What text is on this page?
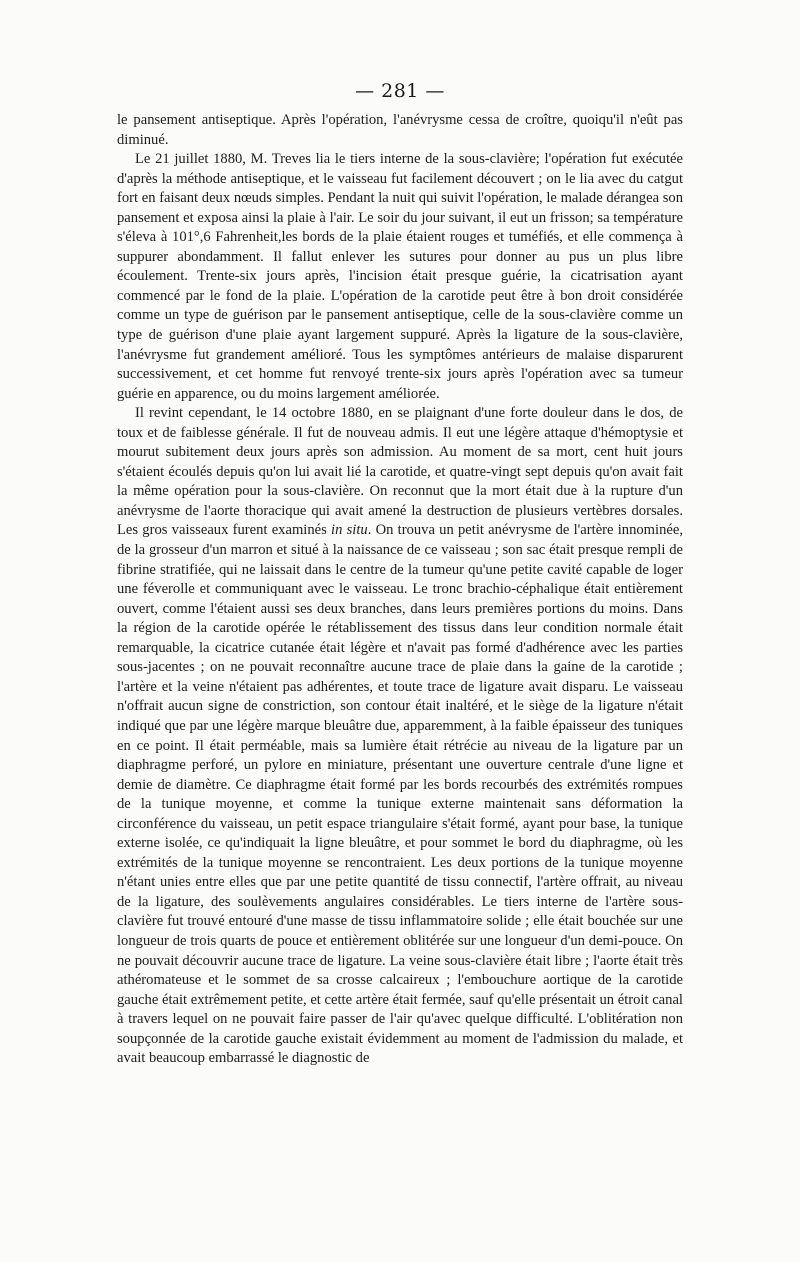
— 281 —

le pansement antiseptique. Après l'opération, l'anévrysme cessa de croître, quoiqu'il n'eût pas diminué.

Le 21 juillet 1880, M. Treves lia le tiers interne de la sous-clavière; l'opération fut exécutée d'après la méthode antiseptique, et le vaisseau fut facilement découvert ; on le lia avec du catgut fort en faisant deux nœuds simples. Pendant la nuit qui suivit l'opération, le malade dérangea son pansement et exposa ainsi la plaie à l'air. Le soir du jour suivant, il eut un frisson; sa température s'éleva à 101°,6 Fahrenheit,les bords de la plaie étaient rouges et tuméfiés, et elle commença à suppurer abondamment. Il fallut enlever les sutures pour donner au pus un plus libre écoulement. Trente-six jours après, l'incision était presque guérie, la cicatrisation ayant commencé par le fond de la plaie. L'opération de la carotide peut être à bon droit considérée comme un type de guérison par le pansement antiseptique, celle de la sous-clavière comme un type de guérison d'une plaie ayant largement suppuré. Après la ligature de la sous-clavière, l'anévrysme fut grandement amélioré. Tous les symptômes antérieurs de malaise disparurent successivement, et cet homme fut renvoyé trente-six jours après l'opération avec sa tumeur guérie en apparence, ou du moins largement améliorée.

Il revint cependant, le 14 octobre 1880, en se plaignant d'une forte douleur dans le dos, de toux et de faiblesse générale. Il fut de nouveau admis. Il eut une légère attaque d'hémoptysie et mourut subitement deux jours après son admission. Au moment de sa mort, cent huit jours s'étaient écoulés depuis qu'on lui avait lié la carotide, et quatre-vingt sept depuis qu'on avait fait la même opération pour la sous-clavière. On reconnut que la mort était due à la rupture d'un anévrysme de l'aorte thoracique qui avait amené la destruction de plusieurs vertèbres dorsales. Les gros vaisseaux furent examinés in situ. On trouva un petit anévrysme de l'artère innominée, de la grosseur d'un marron et situé à la naissance de ce vaisseau ; son sac était presque rempli de fibrine stratifiée, qui ne laissait dans le centre de la tumeur qu'une petite cavité capable de loger une féverolle et communiquant avec le vaisseau. Le tronc brachio-céphalique était entièrement ouvert, comme l'étaient aussi ses deux branches, dans leurs premières portions du moins. Dans la région de la carotide opérée le rétablissement des tissus dans leur condition normale était remarquable, la cicatrice cutanée était légère et n'avait pas formé d'adhérence avec les parties sous-jacentes ; on ne pouvait reconnaître aucune trace de plaie dans la gaine de la carotide ; l'artère et la veine n'étaient pas adhérentes, et toute trace de ligature avait disparu. Le vaisseau n'offrait aucun signe de constriction, son contour était inaltéré, et le siège de la ligature n'était indiqué que par une légère marque bleuâtre due, apparemment, à la faible épaisseur des tuniques en ce point. Il était perméable, mais sa lumière était rétrécie au niveau de la ligature par un diaphragme perforé, un pylore en miniature, présentant une ouverture centrale d'une ligne et demie de diamètre. Ce diaphragme était formé par les bords recourbés des extrémités rompues de la tunique moyenne, et comme la tunique externe maintenait sans déformation la circonférence du vaisseau, un petit espace triangulaire s'était formé, ayant pour base, la tunique externe isolée, ce qu'indiquait la ligne bleuâtre, et pour sommet le bord du diaphragme, où les extrémités de la tunique moyenne se rencontraient. Les deux portions de la tunique moyenne n'étant unies entre elles que par une petite quantité de tissu connectif, l'artère offrait, au niveau de la ligature, des soulèvements angulaires considérables. Le tiers interne de l'artère sous-clavière fut trouvé entouré d'une masse de tissu inflammatoire solide ; elle était bouchée sur une longueur de trois quarts de pouce et entièrement oblitérée sur une longueur d'un demi-pouce. On ne pouvait découvrir aucune trace de ligature. La veine sous-clavière était libre ; l'aorte était très athéromateuse et le sommet de sa crosse calcaireux ; l'embouchure aortique de la carotide gauche était extrêmement petite, et cette artère était fermée, sauf qu'elle présentait un étroit canal à travers lequel on ne pouvait faire passer de l'air qu'avec quelque difficulté. L'oblitération non soupçonnée de la carotide gauche existait évidemment au moment de l'admission du malade, et avait beaucoup embarrassé le diagnostic de
